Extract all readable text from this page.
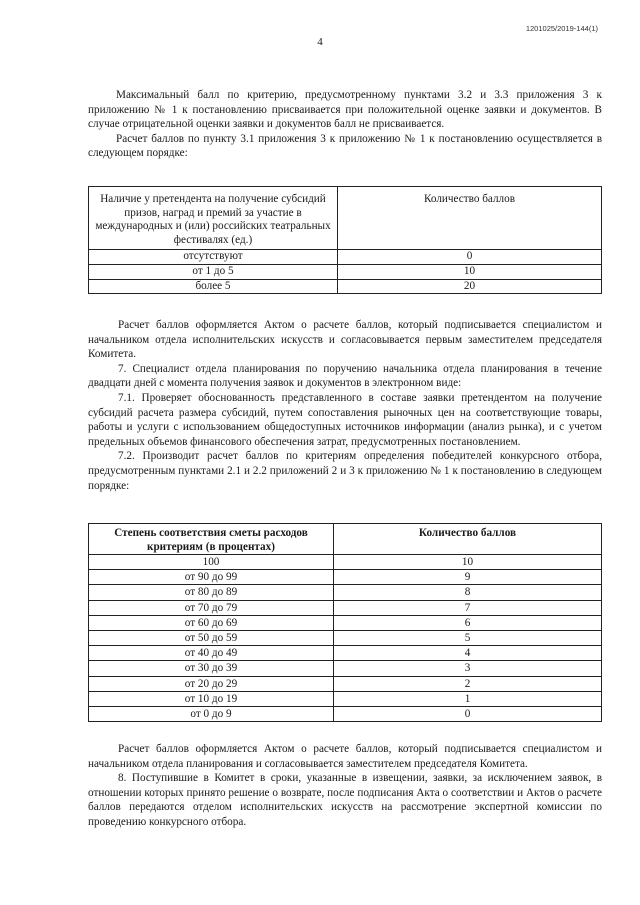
1201025/2019-144(1)
4

Максимальный балл по критерию, предусмотренному пунктами 3.2 и 3.3 приложения 3 к приложению № 1 к постановлению присваивается при положительной оценке заявки и документов. В случае отрицательной оценки заявки и документов балл не присваивается.

Расчет баллов по пункту 3.1 приложения 3 к приложению № 1 к постановлению осуществляется в следующем порядке:

Наличие у претендента на получение субсидий призов, наград и премий за участие в международных и (или) российских театральных фестивалях (ед.)	Количество баллов
отсутствуют	0
от 1 до 5	10
более 5	20

Расчет баллов оформляется Актом о расчете баллов, который подписывается специалистом и начальником отдела исполнительских искусств и согласовывается первым заместителем председателя Комитета.

7. Специалист отдела планирования по поручению начальника отдела планирования в течение двадцати дней с момента получения заявок и документов в электронном виде:

7.1. Проверяет обоснованность представленного в составе заявки претендентом на получение субсидий расчета размера субсидий, путем сопоставления рыночных цен на соответствующие товары, работы и услуги с использованием общедоступных источников информации (анализ рынка), и с учетом предельных объемов финансового обеспечения затрат, предусмотренных постановлением.

7.2. Производит расчет баллов по критериям определения победителей конкурсного отбора, предусмотренным пунктами 2.1 и 2.2 приложений 2 и 3 к приложению № 1 к постановлению в следующем порядке:

Степень соответствия сметы расходов критериям (в процентах)	Количество баллов
100	10
от 90 до 99	9
от 80 до 89	8
от 70 до 79	7
от 60 до 69	6
от 50 до 59	5
от 40 до 49	4
от 30 до 39	3
от 20 до 29	2
от 10 до 19	1
от 0 до 9	0

Расчет баллов оформляется Актом о расчете баллов, который подписывается специалистом и начальником отдела планирования и согласовывается заместителем председателя Комитета.

8. Поступившие в Комитет в сроки, указанные в извещении, заявки, за исключением заявок, в отношении которых принято решение о возврате, после подписания Акта о соответствии и Актов о расчете баллов передаются отделом исполнительских искусств на рассмотрение экспертной комиссии по проведению конкурсного отбора.
